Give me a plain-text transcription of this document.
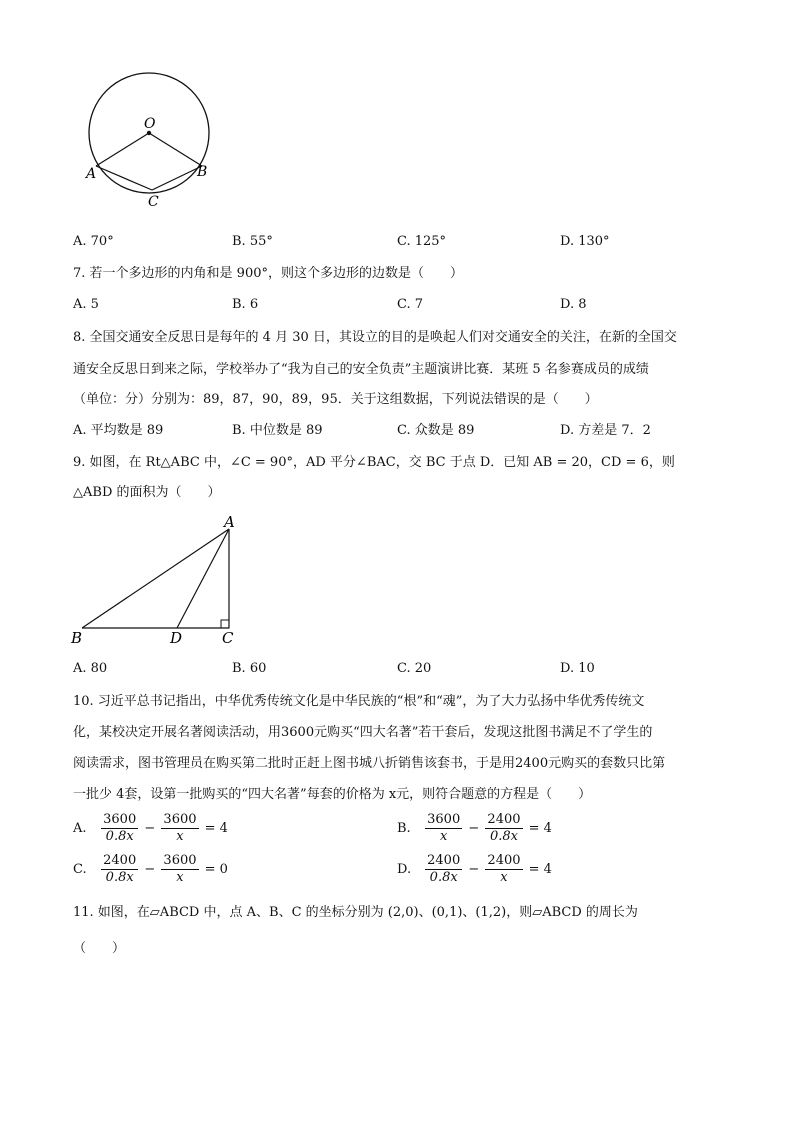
O
A	B
C
A. 70°	B. 55°	C. 125°	D. 130°
7. 若一个多边形的内角和是 900°，则这个多边形的边数是（　　）
A. 5	B. 6	C. 7	D. 8
8. 全国交通安全反思日是每年的 4 月 30 日，其设立的目的是唤起人们对交通安全的关注，在新的全国交
通安全反思日到来之际，学校举办了“我为自己的安全负责”主题演讲比赛．某班 5 名参赛成员的成绩
（单位：分）分别为：89，87，90，89，95．关于这组数据，下列说法错误的是（　　）
A. 平均数是 89	B. 中位数是 89	C. 众数是 89	D. 方差是 7．2
9. 如图，在 Rt△ABC 中，∠C = 90°，AD 平分∠BAC，交 BC 于点 D．已知 AB = 20，CD = 6，则
△ABD 的面积为（　　）
A
B	D	C
A. 80	B. 60	C. 20	D. 10
10. 习近平总书记指出，中华优秀传统文化是中华民族的“根”和“魂”，为了大力弘扬中华优秀传统文
化，某校决定开展名著阅读活动，用3600元购买“四大名著”若干套后，发现这批图书满足不了学生的
阅读需求，图书管理员在购买第二批时正赶上图书城八折销售该套书，于是用2400元购买的套数只比第
一批少 4套，设第一批购买的“四大名著”每套的价格为 x元，则符合题意的方程是（　　）
A. $\frac{3600}{0.8x} - \frac{3600}{x} = 4$	B. $\frac{3600}{x} - \frac{2400}{0.8x} = 4$
C. $\frac{2400}{0.8x} - \frac{3600}{x} = 0$	D. $\frac{2400}{0.8x} - \frac{2400}{x} = 4$
11. 如图，在▱ABCD 中，点 A、B、C 的坐标分别为 (2,0)、(0,1)、(1,2)，则▱ABCD 的周长为
（　　）
